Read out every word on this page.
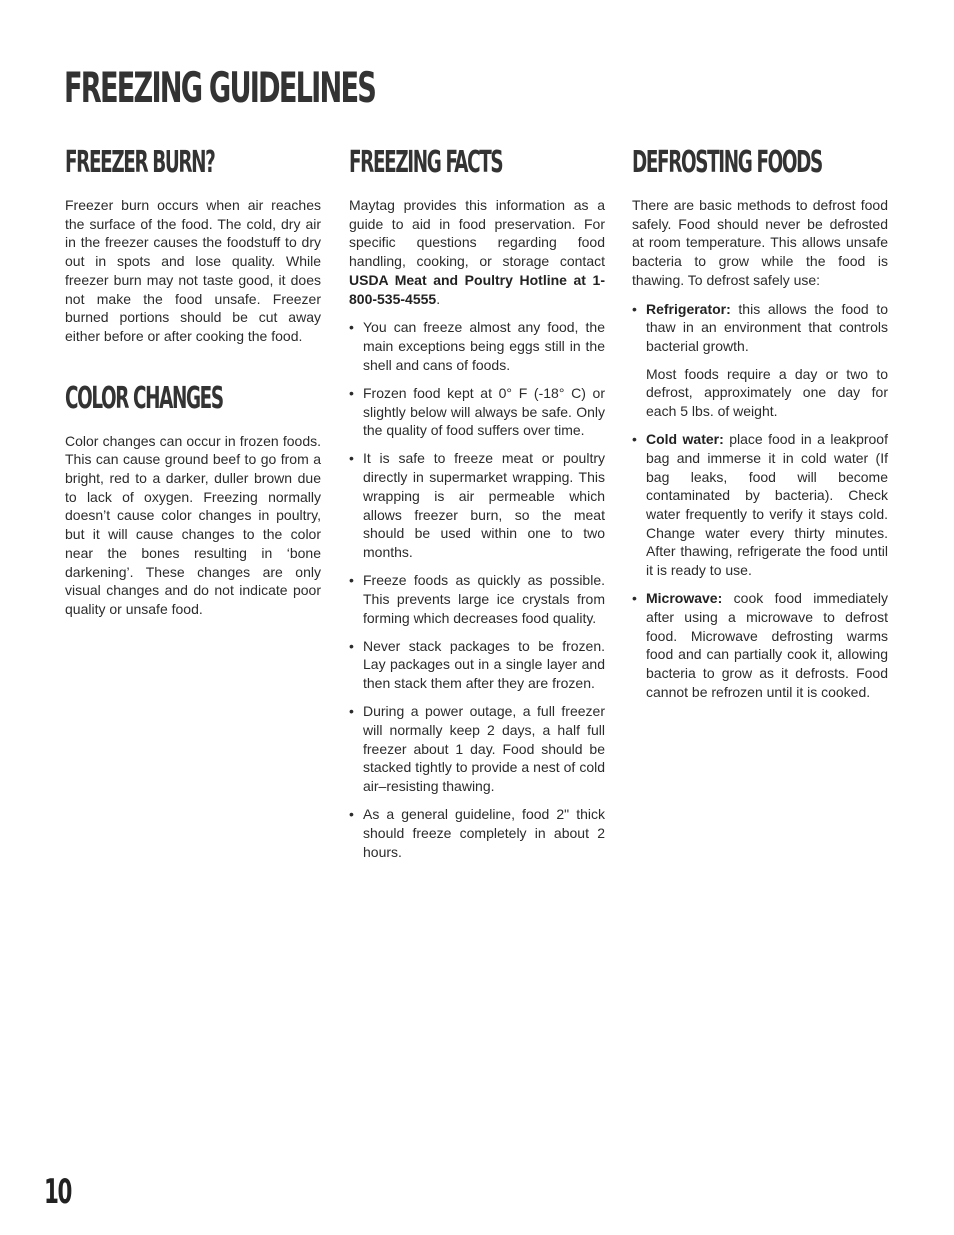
FREEZING GUIDELINES
FREEZER BURN?

Freezer burn occurs when air reaches the surface of the food. The cold, dry air in the freezer causes the foodstuff to dry out in spots and lose quality. While freezer burn may not taste good, it does not make the food unsafe. Freezer burned portions should be cut away either before or after cooking the food.

COLOR CHANGES

Color changes can occur in frozen foods. This can cause ground beef to go from a bright, red to a darker, duller brown due to lack of oxygen. Freezing normally doesn’t cause color changes in poultry, but it will cause changes to the color near the bones resulting in ‘bone darkening’. These changes are only visual changes and do not indicate poor quality or unsafe food.

FREEZING FACTS

Maytag provides this information as a guide to aid in food preservation. For specific questions regarding food handling, cooking, or storage contact USDA Meat and Poultry Hotline at 1-800-535-4555.

• You can freeze almost any food, the main exceptions being eggs still in the shell and cans of foods.
• Frozen food kept at 0° F (-18° C) or slightly below will always be safe. Only the quality of food suffers over time.
• It is safe to freeze meat or poultry directly in supermarket wrapping. This wrapping is air permeable which allows freezer burn, so the meat should be used within one to two months.
• Freeze foods as quickly as possible. This prevents large ice crystals from forming which decreases food quality.
• Never stack packages to be frozen. Lay packages out in a single layer and then stack them after they are frozen.
• During a power outage, a full freezer will normally keep 2 days, a half full freezer about 1 day. Food should be stacked tightly to provide a nest of cold air–resisting thawing.
• As a general guideline, food 2" thick should freeze completely in about 2 hours.
DEFROSTING FOODS

There are basic methods to defrost food safely. Food should never be defrosted at room temperature. This allows unsafe bacteria to grow while the food is thawing. To defrost safely use:

• Refrigerator: this allows the food to thaw in an environment that controls bacterial growth.
Most foods require a day or two to defrost, approximately one day for each 5 lbs. of weight.
• Cold water: place food in a leakproof bag and immerse it in cold water (If bag leaks, food will become contaminated by bacteria). Check water frequently to verify it stays cold. Change water every thirty minutes. After thawing, refrigerate the food until it is ready to use.
• Microwave: cook food immediately after using a microwave to defrost food. Microwave defrosting warms food and can partially cook it, allowing bacteria to grow as it defrosts. Food cannot be refrozen until it is cooked.
10
